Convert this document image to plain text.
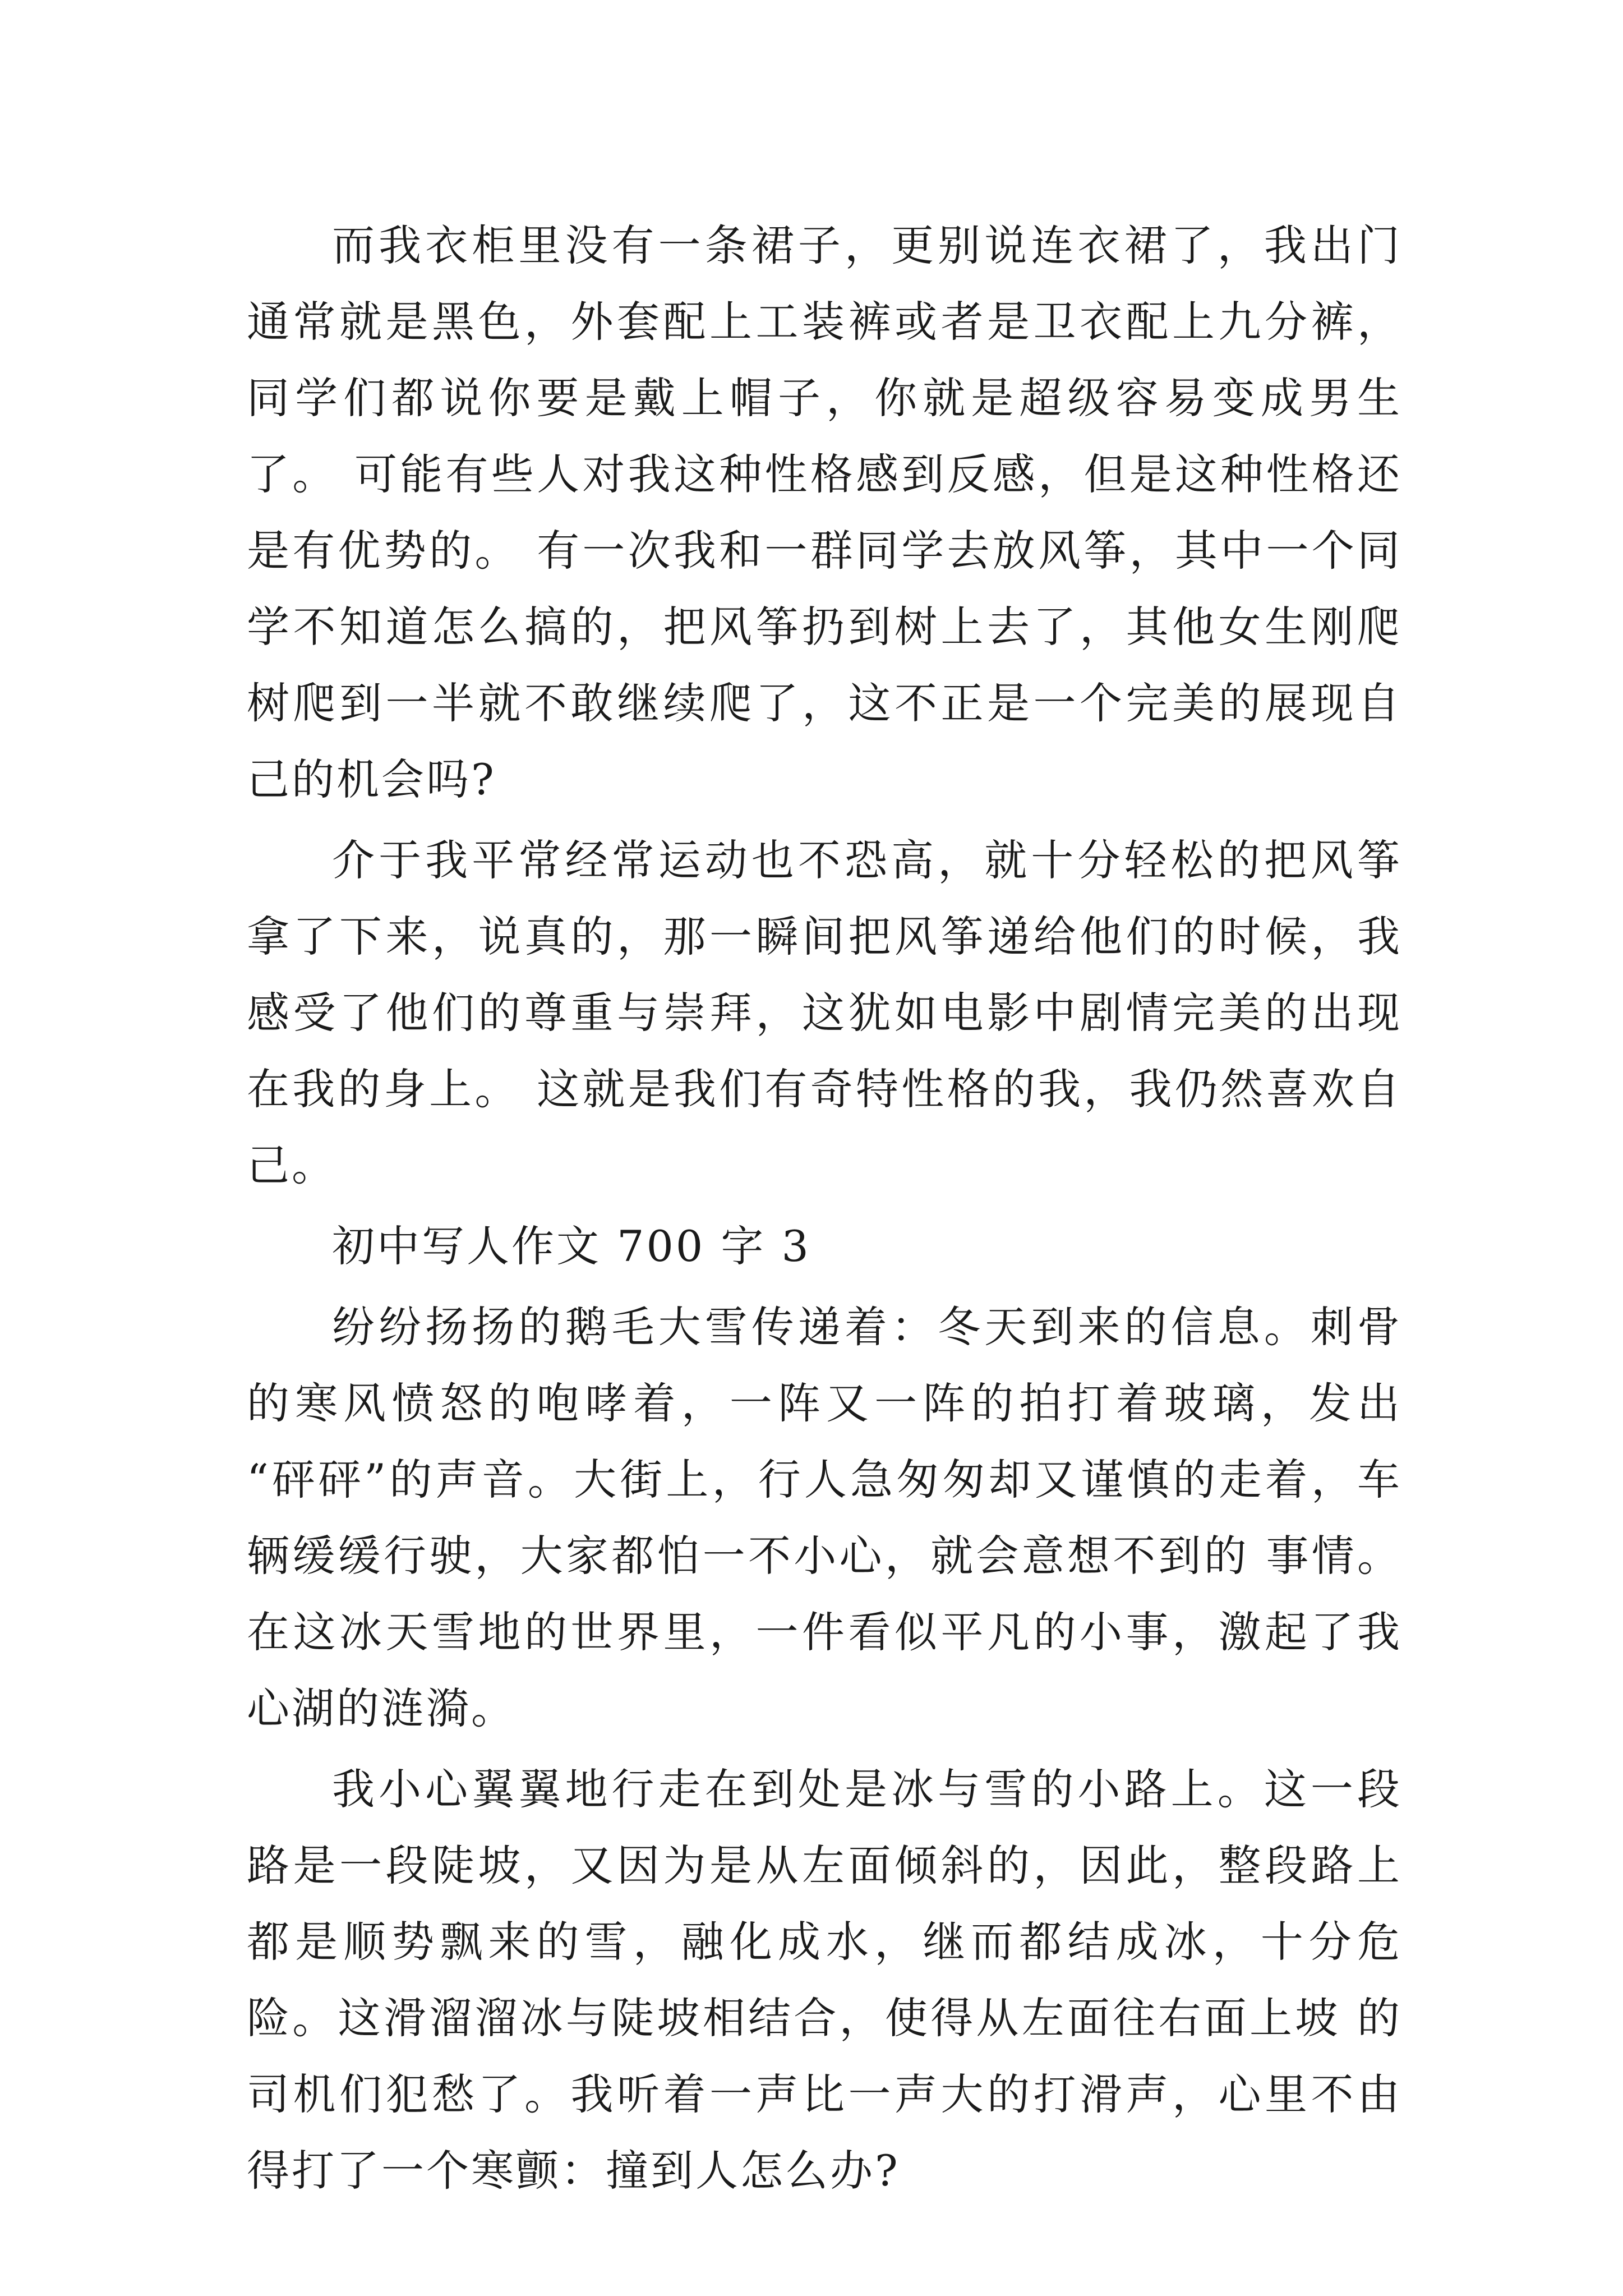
而我衣柜里没有一条裙子，更别说连衣裙了，我出门通常就是黑色，外套配上工装裤或者是卫衣配上九分裤，同学们都说你要是戴上帽子，你就是超级容易变成男生了。 可能有些人对我这种性格感到反感，但是这种性格还是有优势的。 有一次我和一群同学去放风筝，其中一个同学不知道怎么搞的，把风筝扔到树上去了，其他女生刚爬树爬到一半就不敢继续爬了，这不正是一个完美的展现自己的机会吗?

介于我平常经常运动也不恐高，就十分轻松的把风筝拿了下来，说真的，那一瞬间把风筝递给他们的时候，我感受了他们的尊重与崇拜，这犹如电影中剧情完美的出现在我的身上。 这就是我们有奇特性格的我，我仍然喜欢自己。

初中写人作文 700 字 3

纷纷扬扬的鹅毛大雪传递着：冬天到来的信息。刺骨的寒风愤怒的咆哮着，一阵又一阵的拍打着玻璃，发出 “砰砰”的声音。大街上，行人急匆匆却又谨慎的走着，车辆缓缓行驶，大家都怕一不小心，就会意想不到的 事情。在这冰天雪地的世界里，一件看似平凡的小事，激起了我心湖的涟漪。

我小心翼翼地行走在到处是冰与雪的小路上。这一段路是一段陡坡，又因为是从左面倾斜的，因此，整段路上 都是顺势飘来的雪，融化成水，继而都结成冰，十分危险。这滑溜溜冰与陡坡相结合，使得从左面往右面上坡 的司机们犯愁了。我听着一声比一声大的打滑声，心里不由得打了一个寒颤：撞到人怎么办?
